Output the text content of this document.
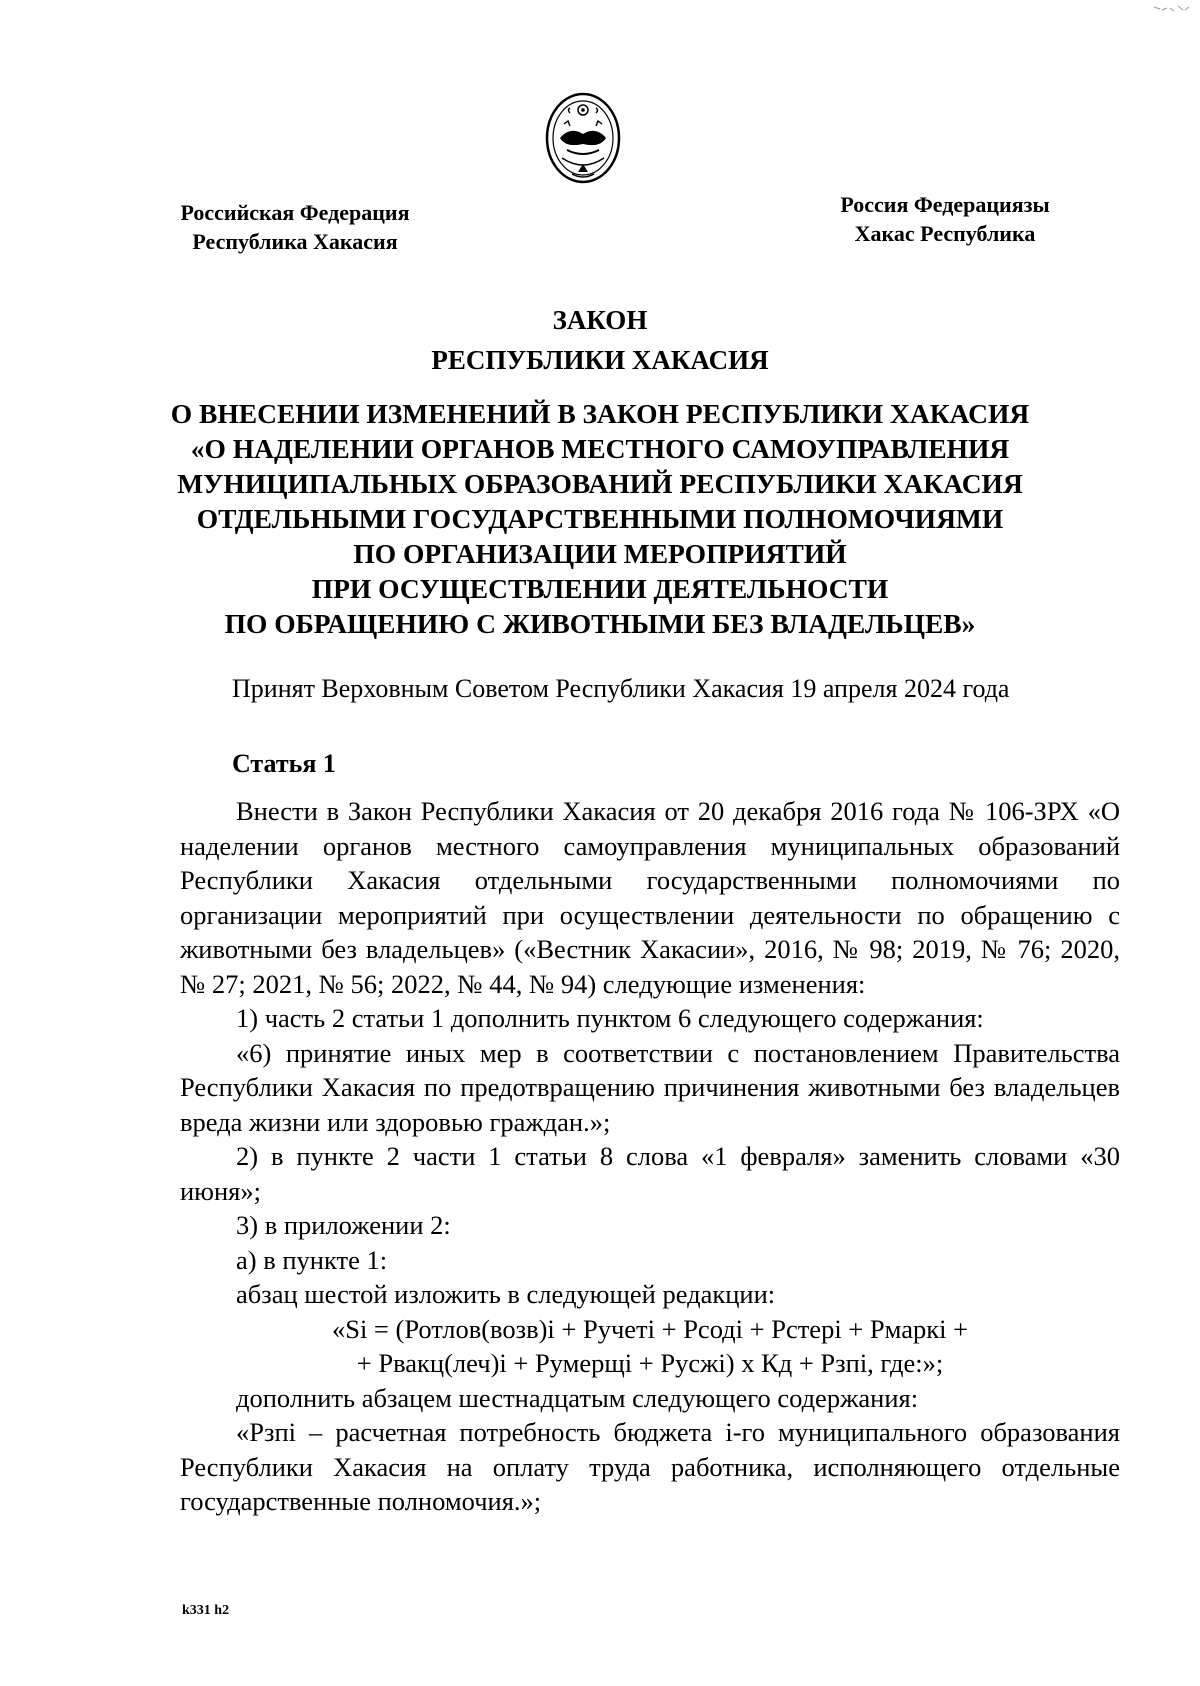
Российская Федерация
Республика Хакасия
Россия Федерациязы
Хакас Республика
ЗАКОН
РЕСПУБЛИКИ ХАКАСИЯ
О ВНЕСЕНИИ ИЗМЕНЕНИЙ В ЗАКОН РЕСПУБЛИКИ ХАКАСИЯ
«О НАДЕЛЕНИИ ОРГАНОВ МЕСТНОГО САМОУПРАВЛЕНИЯ
МУНИЦИПАЛЬНЫХ ОБРАЗОВАНИЙ РЕСПУБЛИКИ ХАКАСИЯ
ОТДЕЛЬНЫМИ ГОСУДАРСТВЕННЫМИ ПОЛНОМОЧИЯМИ
ПО ОРГАНИЗАЦИИ МЕРОПРИЯТИЙ
ПРИ ОСУЩЕСТВЛЕНИИ ДЕЯТЕЛЬНОСТИ
ПО ОБРАЩЕНИЮ С ЖИВОТНЫМИ БЕЗ ВЛАДЕЛЬЦЕВ»
Принят Верховным Советом Республики Хакасия 19 апреля 2024 года
Статья 1

Внести в Закон Республики Хакасия от 20 декабря 2016 года № 106-ЗРХ «О наделении органов местного самоуправления муниципальных образований Республики Хакасия отдельными государственными полномочиями по организации мероприятий при осуществлении деятельности по обращению с животными без владельцев» («Вестник Хакасии», 2016, № 98; 2019, № 76; 2020, № 27; 2021, № 56; 2022, № 44, № 94) следующие изменения:

1) часть 2 статьи 1 дополнить пунктом 6 следующего содержания:

«6) принятие иных мер в соответствии с постановлением Правительства Республики Хакасия по предотвращению причинения животными без владельцев вреда жизни или здоровью граждан.»;

2) в пункте 2 части 1 статьи 8 слова «1 февраля» заменить словами «30 июня»;

3) в приложении 2:

а) в пункте 1:

абзац шестой изложить в следующей редакции:

«Si = (Ротлов(возв)i + Ручетi + Рсодi + Рстерi + Рмаркi +

+ Рвакц(леч)i + Румерщi + Русжi) х Кд + Рзпi, где:»;

дополнить абзацем шестнадцатым следующего содержания:

«Рзпi – расчетная потребность бюджета i-го муниципального образования Республики Хакасия на оплату труда работника, исполняющего отдельные государственные полномочия.»;

k331 h2
